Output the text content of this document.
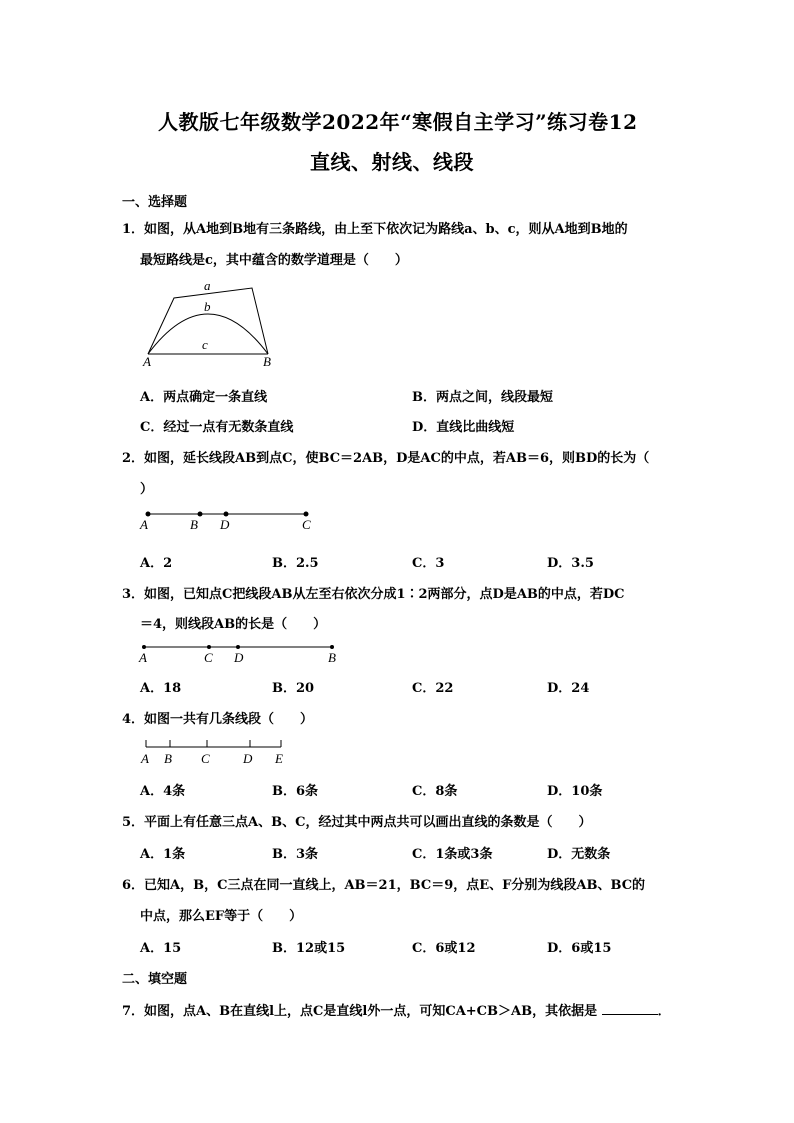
人教版七年级数学2022年“寒假自主学习”练习卷12
直线、射线、线段
一、选择题
1．如图，从A地到B地有三条路线，由上至下依次记为路线a、b、c，则从A地到B地的
最短路线是c，其中蕴含的数学道理是（　　）
a
b
c
A	B
A．两点确定一条直线	B．两点之间，线段最短
C．经过一点有无数条直线	D．直线比曲线短
2．如图，延长线段AB到点C，使BC＝2AB，D是AC的中点，若AB＝6，则BD的长为（
）
A	B D	C
A．2	B．2.5	C．3	D．3.5
3．如图，已知点C把线段AB从左至右依次分成1∶2两部分，点D是AB的中点，若DC
＝4，则线段AB的长是（　　）
A	C D	B
A．18	B．20	C．22	D．24
4．如图一共有几条线段（　　）
A B C	D E
A．4条	B．6条	C．8条	D．10条
5．平面上有任意三点A、B、C，经过其中两点共可以画出直线的条数是（　　）
A．1条	B．3条	C．1条或3条	D．无数条
6．已知A，B，C三点在同一直线上，AB＝21，BC＝9，点E、F分别为线段AB、BC的
中点，那么EF等于（　　）
A．15	B．12或15	C．6或12	D．6或15
二、填空题
7．如图，点A、B在直线l上，点C是直线l外一点，可知CA+CB＞AB，其依据是	．
